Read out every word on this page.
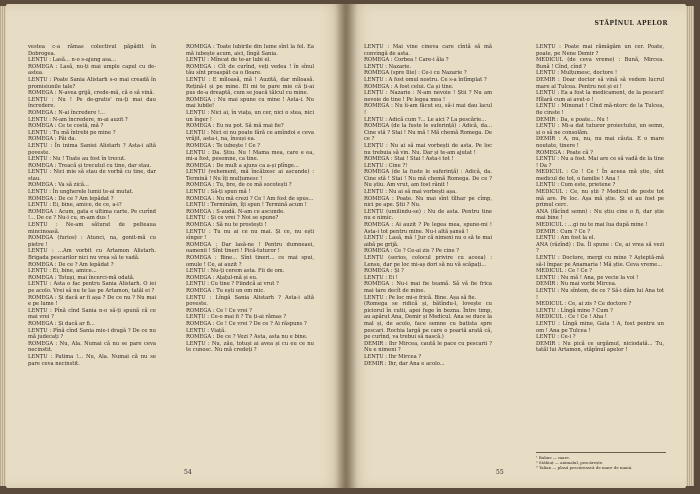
vestea c-a rămas colectivul păpădit în Dobrogea.

LENȚU : Lasă... n-o s-ajung asa...

ROMEGA : Lasă, nu-ți mai umple capul cu de-astea.

LENȚU : Poate Sania Alistarh s-o mai creadă în promisiunile tale?

ROMEGA : N-avea grijă, crede-mă, că o să vină.

LENȚU : Nu ! Pe de-gratis' nu-ți mai dau încredere.

ROMEGA : N-ai încredere !...

LENȚU : N-am încredere, m-ai auzit ?

ROMEGA : Ce te costă, mă ?

LENȚU : Tu mă întrebi pe mine ?

ROMEGA : Păi da.

LENȚU : În inima Saniei Alistarh ? Asta-i altă poveste.

LENȚU : Nu ! Toate au fost în trecut.

ROMEGA : Treacă și trecutul cu tine, dar stau.

LENȚU : Nici mie să stau de vorbă cu tine, dar stau.

ROMEGA : Va să zică...

LENȚU : În ungherele lumii te-ai mutat.

ROMEGA : De ce ? Am lepădat ?

LENȚU : Ei, bine, amice, de ce, a-i?

ROMEGA : Acum, gata e ultima carte. Pe curînd !... De ce ? Nu-i cu, m-am dus !

LENȚU : Ne-am săturat de pelteaua mincinoasă.

ROMEGA (furios) : Atunci, na, gonit-mă cu pietre !

LENȚU : ...Am vorbit cu Artamon Alistarh. Brigada pescarilor nici nu vrea să te vadă.

ROMEGA : De ce ? Am lepădat ?

LENȚU : Ei, bine, amice...

ROMEGA : Totuși, mai încerci-mă odată.

LENȚU : Asta o fac pentru Sania Alistarh. O iei pe acolo. Vrei să nu te las pe Artamon, tatăl ei ?

ROMEGA : Și dacă ar fi așa ? De ce nu ? Nu mai e pe lume !

LENȚU : Pînă cînd Sania n-o să-ți spună că ce mai vrei ?

ROMEGA : Și dacă ar fi...

LENȚU : Pînă cînd Sania mie-i dragă ? De ce nu mă judecați ?

ROMEGA : Nu, Ala. Numai că nu se pare ceva necinstit.

LENȚU : Patima !... Nu, Ala. Numai că nu se pare ceva necinstit.

ROMEGA : Toate lubirile din lume sînt la fel. Ea mă iubește acum, aici, lîngă Sania.

LENȚU : Mîncat de te-ar lubi el.

ROMEGA : Cît de curînd, veți vedea ! în sînul tău sînt proaspăt ca o floare.

LENȚU : E mîloasă, mă ! Auzită, dar mîloasă. Rețină-l și pe mine. El mi te pare mie că ți-ai pus de-a dreaptă, cum se joacă tălcul cu mine.

ROMEGA : Nu mai spune cu mine ! Asta-i. Nu mai lubile!

LENȚU : Nici ai, în viața, un cer, nici o stea, nici un înger !

ROMEGA : Eu nu pot. Să mă mai fie?

LENȚU : Nici ei nu poate fără ce amîndoi e ceva vrăjit, asta-i, na, însuși ea.

ROMEGA : Te iubește ! Ce ?

LENȚU : Da. Știu. Nu ! Mama mea, care e ea, mi-a fost, pesemne, ca tine.

ROMEGA : De mult a ajuns ca a-și plînge...

LENȚU (vehement, mă încălzesc ai ascunde) : Termină ! Nu îți mulțumesc !

ROMEGA : Tu, bre, de ce mă socotești ?

LENȚU : Să-ți spun mă !

ROMEGA : Nu mă crezi ? Ce ! Am fost de spus...

LENȚU : Terminăm, îți spun ! Termină acum !

ROMEGA : S-audă. N-am ce ascunde.

LENȚU : Și ce vrei ? Noi se spune?

ROMEGA : Să nu te prostești !

LENȚU : Tu nu ai ce nu mai. Și ce, nu ești sînger !

ROMEGA : Dar lasă-ne ! Pentru dumneaei, oamenii ! Sînt tineri ! Pică-tuturor !

ROMEGA : Bine... Sînt tineri... ce mai spui, omule ! Ce, ai auzit ?

LENȚU : Nu-ți cerem asta. Fii de om.

ROMEGA : Ațațul-mă și eu.

LENȚU : Cu tine ? Fiindcă ai vrut ?

ROMEGA : Tu ești un om mic.

LENȚU : Lîngă Sania Alistarh ? Asta-i altă poveste.

ROMEGA : Ce ! Ce vrei ?

LENȚU : Ce-o mai fi ? Tu ți-ai rămas ?

ROMEGA : Ce ! Ce vrei ? De ce ? Ai răspuns ?

LENȚU : Viață.

ROMEGA : De ce ? Vezi ? Asta, asta nu e bine.

LENȚU : Nu, zău, totuși ai avea și cu eu ce nu te cunosc. Nu mă credeți ?

54
STĂPÎNUL APELOR

LENȚU : Mai vine cineva care cîntă să mă convingă de asta.

ROMEGA : Corbea ! Care-i ăla ?

LENȚU : Nazarie.

ROMEGA (spre Ilie) : Ce-i cu Nazarie ?

LENȚU : A fost omul nostru. Ce s-a întîmplat ?

ROMEGA : A fost celui. Ca și tine.

LENȚU : Nazarie : N-am nevoie ! Știi ? Nu am nevoie de tine ! Pe legea mea !

ROMEGA : Nu îi-am făcut eu, să-i mai dau lacul !

LENȚU : Adică cum ?... Le aici ? La pescărie...

ROMEGA (de la fuste le suferință) : Adică, da... Cine stă ? Stai ! Nu mă ! Mă chemă Romega. De ce ?

LENȚU : Nu ai să mai vorbești de asta. Pe loc nu trebuia să vin. Nu. Dar și te-am ajutat !

ROMEGA : Stai ! Stai ! Asta-i tot !

LENȚU : Cine ?!

ROMEGA (de la fuste le suferință) : Adică, da. Cine stă ! Stai ! Nu mă chemă Romega. De ce ? Nu știu. Am vrut, am fost rănit !

LENȚU : Nu ai să mai vorbești așa.

ROMEGA : Poate. Nu mai sînt tîlhar pe cîmp, nici pe ape. Știi ? Nu.

LENȚU (umilindu-se) : Nu de asta. Pentru tine nu e nimic.

ROMEGA : Ai auzit ? Pe legea mea, spune-mi ! Asta-i tot pentru mine. Nu-i altă șansă !

LENȚU : Lasă, mă ! Jur că nimeni nu o să te mai aibă pe grijă.

ROMEGA : Ce ? Ce-ai zis ? Pe cine ?

LENȚU (serios, colocul privire cu aceea) : Lensu, dar pe loc mi-aș dori să nu vă scăpați...

ROMEGA : Și ?

LENȚU : Ei !

ROMEGA : Nu-i mai fie teamă. Să vă fie frica mai tare decît de mine.

LENȚU : Pe loc mi-e frică. Bine. Așa să fie.

(Romega se ridică și, bătîndu-l, lovește cu piciorul în cutii, apoi fuge în bezna. Între timp, au apărut Ana, Demir și Medicul. Ana se duce la mal și, de acolo, face semne cu batista spre pescari. Rochia largă pe care o poartă arată că, pe curînd, va trebui să nască.)

DEMIR : Ihr Mircea, caută le pace cu pescarii ? Nu e nimeni ?

LENȚU : Ihr Mircea ?

DEMIR : Ihr, dar Ana e acolo...

LENȚU : Poate mai rămăgăm un cer. Poate, poate, pe Nene Demir ?

MEDICUL (de ceva vreme) : Bună, Mircea. Bună ! Cînd, cînd ?

LENȚU : Mulțumesc, doctore !

DEMIR : Doar doctor să vină să vedem lucrul mare al Tulcea. Pentru noi și ei !

LENȚU : Ea a fost la medicament, de la pescari! Hîlară cum ai avut-o !

LENȚU : Minunat ! Cînd mă-ntorc de la Tulcea, fie cinste !

DEMIR : Da, e poate... Nu !

LENȚU : Mi-a dat tuturor proiectului, un semn, și o să ne consolăm.

DEMIR : A, nu, nu, nu mai căuta. E o mare noutate, tinere !

ROMEGA : Poate că ?

LENȚU : Nu a fost. Mai are ce să vadă de la tine ! Da ?

MEDICUL : Ce ! Ce ! În aceea mă știe, sînt medicul de tot, o familie ! Ana !

LENȚU : Cum este, prietene ?

MEDICUL : Ce, nu știi ? Medicul de peste tot mă are. Pe loc. Așa mă știe. Și ei au fost pe primul cerc.

ANA (făcînd semn) : Nu știu cine o fi, dar știe mai bine !

MEDICUL : ...gi nu te mai lua după mine !

DEMIR : Cum ? Ce ?

LENȚU : Am fost la el.

ANA (râzînd) : Da. Îl spune : Ce, ai vrea să vezi ?

LENȚU : Doctore, mergi cu mine ? Așteptă-mă să-l împac pe Anamaria ! Mă știe. Ceva vreme...

MEDICUL : Ce ! Ce ?

LENȚU : Nu mă ! Ana, pe vecie la voi !

DEMIR : Nu mai vorbi Mircea.

LENȚU : Nu sîntem, de ce ? Să-i dăm lui Ana tot !

MEDICUL : Ce, ai zis ? Ce doctore ?

LENȚU : Lîngă mine ? Cum ?

MEDICUL : Ce ! Ce ! Aha !

LENȚU : Lîngă mine, Gata ! A, fost pentru un om ! Ana pe Tulcea !

LENȚU : Ce-i ?

DEMIR : Nu pică ce urgămul, niciodată... Tu, tatăl lui Artamon, stăpînul apelor !

¹ Bahne — mare.
² Stăbiuț — animalul, pescărește.
³ Talian — plasă pescărească de mare de mană.
55
